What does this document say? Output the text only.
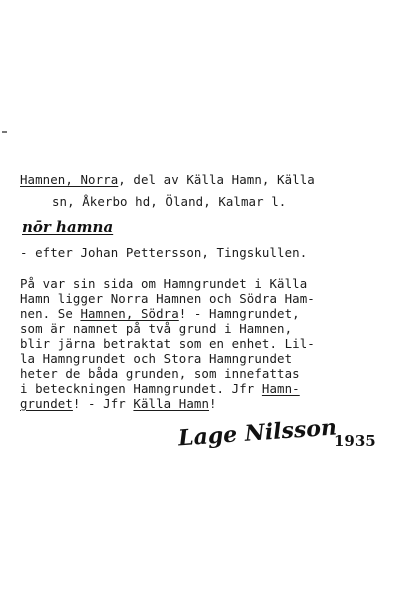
Hamnen, Norra, del av Källa Hamn, Källa
sn, Åkerbo hd, Öland, Kalmar l.
nōr hamna
- efter Johan Pettersson, Tingskullen.
På var sin sida om Hamngrundet i Källa
Hamn ligger Norra Hamnen och Södra Ham-
nen. Se Hamnen, Södra! - Hamngrundet,
som är namnet på två grund i Hamnen,
blir järna betraktat som en enhet. Lil-
la Hamngrundet och Stora Hamngrundet
heter de båda grunden, som innefattas
i beteckningen Hamngrundet. Jfr Hamn-
grundet! - Jfr Källa Hamn!
Lage Nilsson
1935
